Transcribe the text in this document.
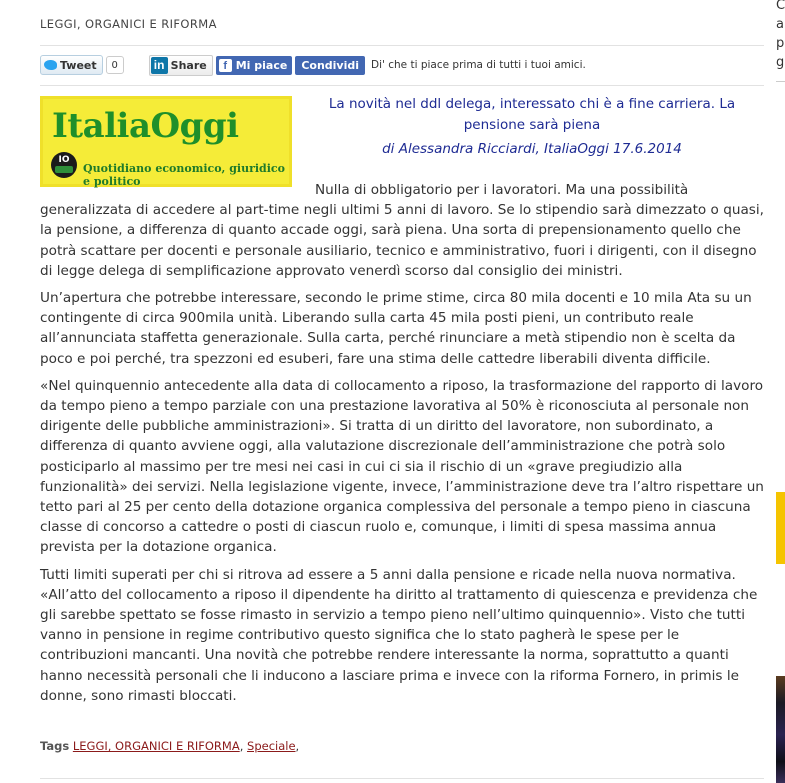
LEGGI, ORGANICI E RIFORMA
Tweet	0	in Share	f Mi piace	Condividi	Di' che ti piace prima di tutti i tuoi amici.
ItaliaOggi
IO
Quotidiano economico, giuridico e politico
La novità nel ddl delega, interessato chi è a fine carriera. La pensione sarà piena
di Alessandra Ricciardi, ItaliaOggi 17.6.2014

Nulla di obbligatorio per i lavoratori. Ma una possibilità generalizzata di accedere al part-time negli ultimi 5 anni di lavoro. Se lo stipendio sarà dimezzato o quasi, la pensione, a differenza di quanto accade oggi, sarà piena. Una sorta di prepensionamento quello che potrà scattare per docenti e personale ausiliario, tecnico e amministrativo, fuori i dirigenti, con il disegno di legge delega di semplificazione approvato venerdì scorso dal consiglio dei ministri.

Un’apertura che potrebbe interessare, secondo le prime stime, circa 80 mila docenti e 10 mila Ata su un contingente di circa 900mila unità. Liberando sulla carta 45 mila posti pieni, un contributo reale all’annunciata staffetta generazionale. Sulla carta, perché rinunciare a metà stipendio non è scelta da poco e poi perché, tra spezzoni ed esuberi, fare una stima delle cattedre liberabili diventa difficile.

«Nel quinquennio antecedente alla data di collocamento a riposo, la trasformazione del rapporto di lavoro da tempo pieno a tempo parziale con una prestazione lavorativa al 50% è riconosciuta al personale non dirigente delle pubbliche amministrazioni». Si tratta di un diritto del lavoratore, non subordinato, a differenza di quanto avviene oggi, alla valutazione discrezionale dell’amministrazione che potrà solo posticiparlo al massimo per tre mesi nei casi in cui ci sia il rischio di un «grave pregiudizio alla funzionalità» dei servizi. Nella legislazione vigente, invece, l’amministrazione deve tra l’altro rispettare un tetto pari al 25 per cento della dotazione organica complessiva del personale a tempo pieno in ciascuna classe di concorso a cattedre o posti di ciascun ruolo e, comunque, i limiti di spesa massima annua prevista per la dotazione organica.

Tutti limiti superati per chi si ritrova ad essere a 5 anni dalla pensione e ricade nella nuova normativa. «All’atto del collocamento a riposo il dipendente ha diritto al trattamento di quiescenza e previdenza che gli sarebbe spettato se fosse rimasto in servizio a tempo pieno nell’ultimo quinquennio». Visto che tutti vanno in pensione in regime contributivo questo significa che lo stato pagherà le spese per le contribuzioni mancanti. Una novità che potrebbe rendere interessante la norma, soprattutto a quanti hanno necessità personali che li inducono a lasciare prima e invece con la riforma Fornero, in primis le donne, sono rimasti bloccati.

Tags LEGGI, ORGANICI E RIFORMA, Speciale,
C
a
p
g
